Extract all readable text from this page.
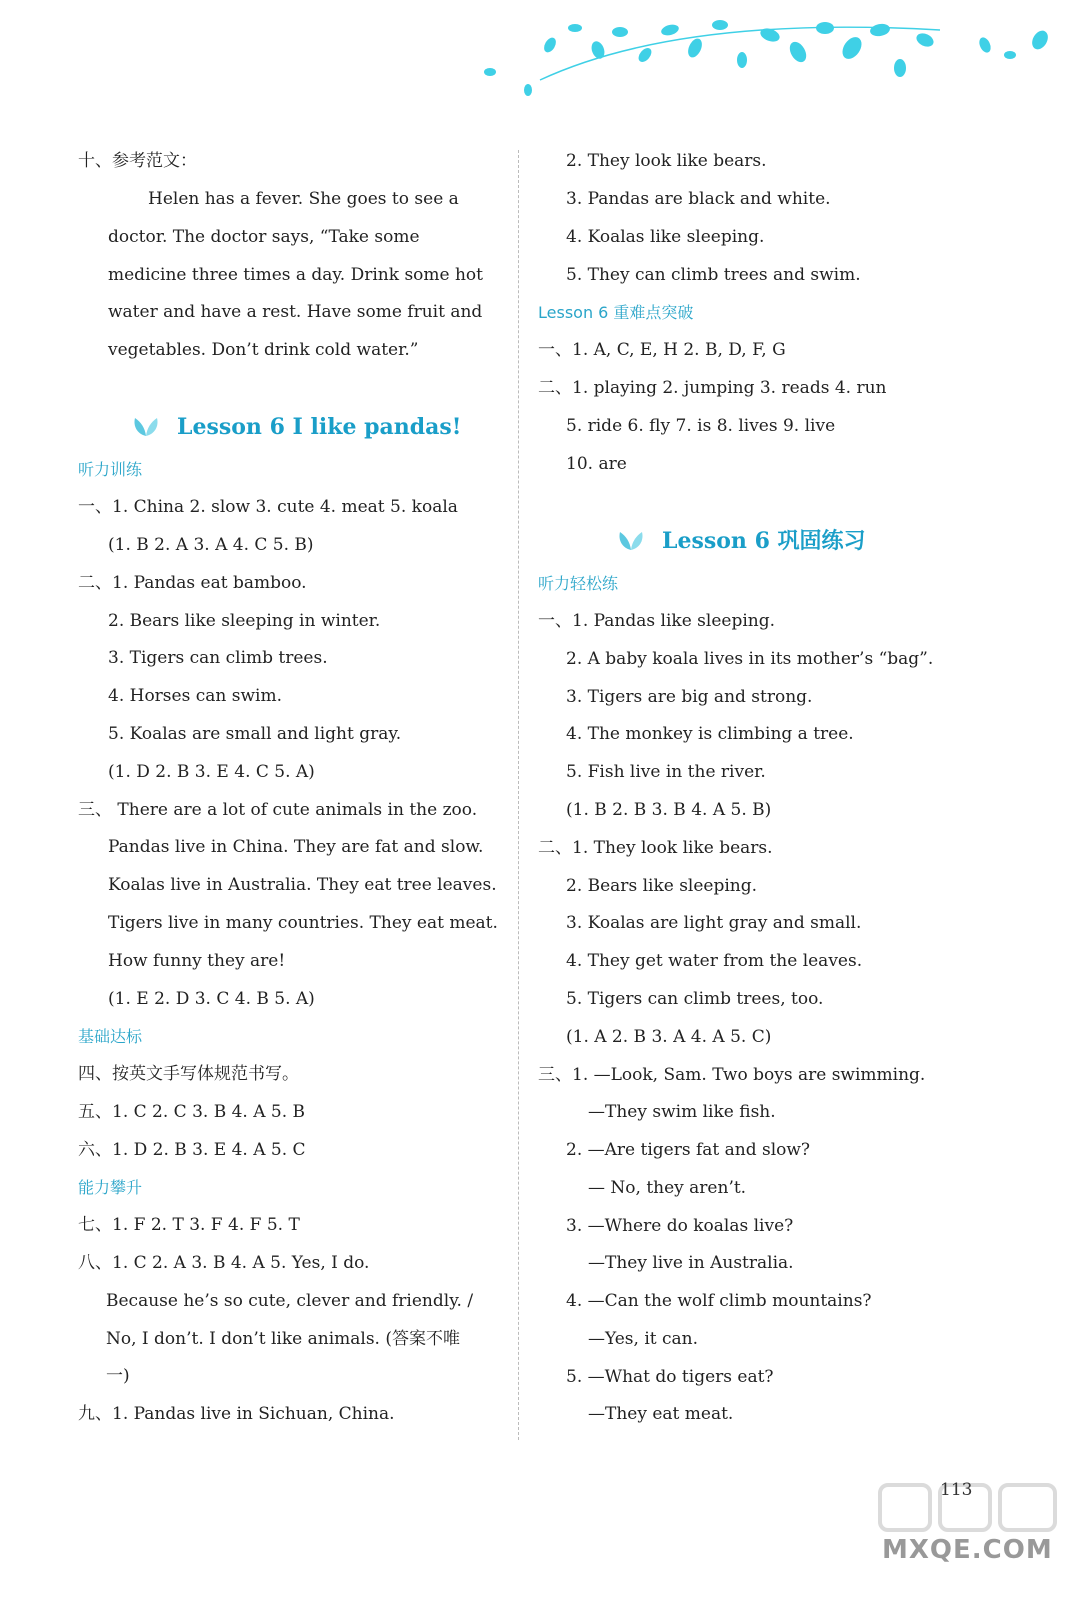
十、参考范文：
Helen has a fever. She goes to see a
doctor. The doctor says, “Take some
medicine three times a day. Drink some hot
water and have a rest. Have some fruit and
vegetables. Don’t drink cold water.”
Lesson 6 I like pandas!
听力训练
一、1. China 2. slow 3. cute 4. meat 5. koala
(1. B 2. A 3. A 4. C 5. B)
二、1. Pandas eat bamboo.
2. Bears like sleeping in winter.
3. Tigers can climb trees.
4. Horses can swim.
5. Koalas are small and light gray.
(1. D 2. B 3. E 4. C 5. A)
三、 There are a lot of cute animals in the zoo.
Pandas live in China. They are fat and slow.
Koalas live in Australia. They eat tree leaves.
Tigers live in many countries. They eat meat.
How funny they are!
(1. E 2. D 3. C 4. B 5. A)
基础达标
四、按英文手写体规范书写。
五、1. C 2. C 3. B 4. A 5. B
六、1. D 2. B 3. E 4. A 5. C
能力攀升
七、1. F 2. T 3. F 4. F 5. T
八、1. C 2. A 3. B 4. A 5. Yes, I do.
Because he’s so cute, clever and friendly. /
No, I don’t. I don’t like animals. (答案不唯
一)
九、1. Pandas live in Sichuan, China.
2. They look like bears.
3. Pandas are black and white.
4. Koalas like sleeping.
5. They can climb trees and swim.
Lesson 6 重难点突破
一、1. A, C, E, H 2. B, D, F, G
二、1. playing 2. jumping 3. reads 4. run
5. ride 6. fly 7. is 8. lives 9. live
10. are
Lesson 6 巩固练习
听力轻松练
一、1. Pandas like sleeping.
2. A baby koala lives in its mother’s “bag”.
3. Tigers are big and strong.
4. The monkey is climbing a tree.
5. Fish live in the river.
(1. B 2. B 3. B 4. A 5. B)
二、1. They look like bears.
2. Bears like sleeping.
3. Koalas are light gray and small.
4. They get water from the leaves.
5. Tigers can climb trees, too.
(1. A 2. B 3. A 4. A 5. C)
三、1. —Look, Sam. Two boys are swimming.
—They swim like fish.
2. —Are tigers fat and slow?
— No, they aren’t.
3. —Where do koalas live?
—They live in Australia.
4. —Can the wolf climb mountains?
—Yes, it can.
5. —What do tigers eat?
—They eat meat.
113
MXQE.COM
